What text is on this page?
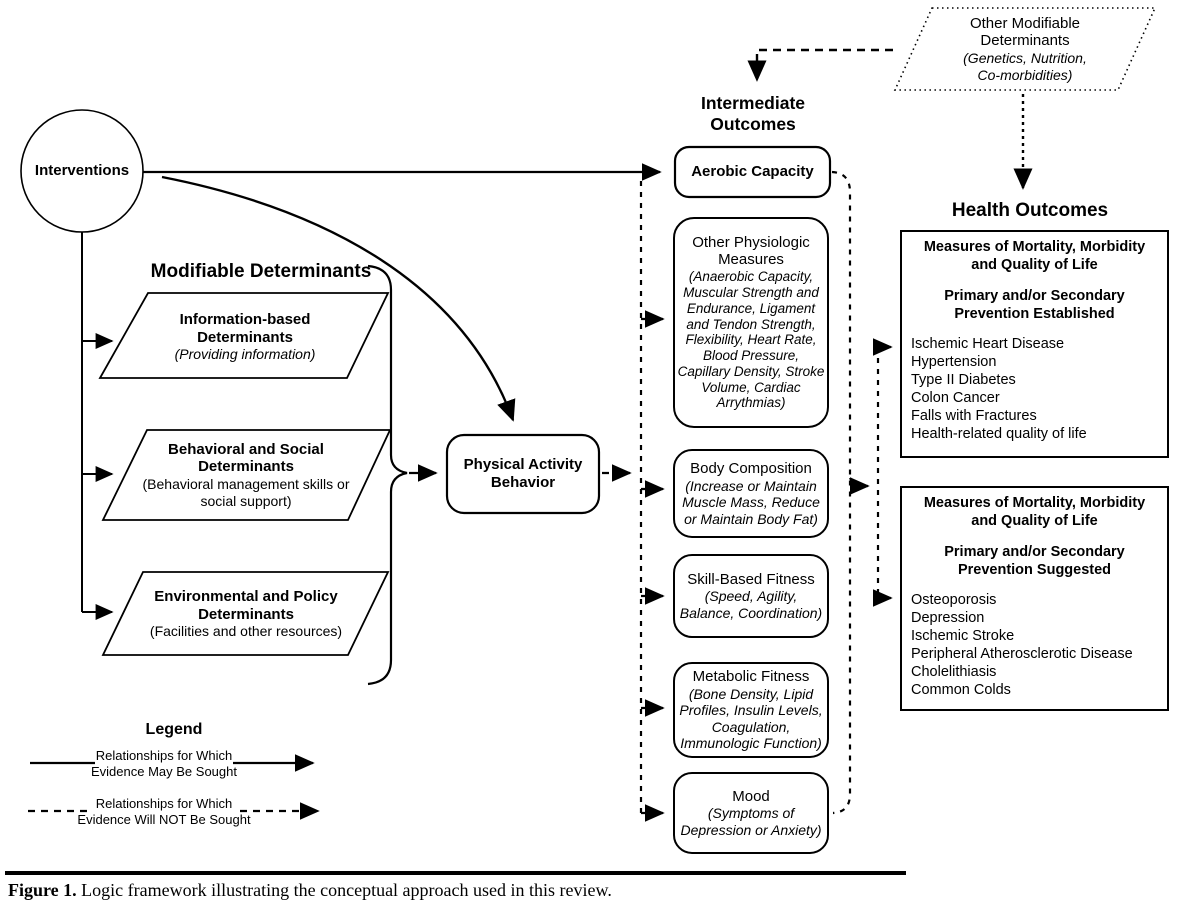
Interventions
Modifiable Determinants
Information-based Determinants
(Providing information)
Behavioral and Social Determinants
(Behavioral management skills or social support)
Environmental and Policy Determinants
(Facilities and other resources)
Physical Activity Behavior
Intermediate Outcomes
Aerobic Capacity
Other Physiologic Measures
(Anaerobic Capacity, Muscular Strength and Endurance, Ligament and Tendon Strength, Flexibility, Heart Rate, Blood Pressure, Capillary Density, Stroke Volume, Cardiac Arrythmias)
Body Composition
(Increase or Maintain Muscle Mass, Reduce or Maintain Body Fat)
Skill-Based Fitness
(Speed, Agility, Balance, Coordination)
Metabolic Fitness
(Bone Density, Lipid Profiles, Insulin Levels, Coagulation, Immunologic Function)
Mood
(Symptoms of Depression or Anxiety)
Other Modifiable Determinants
(Genetics, Nutrition, Co-morbidities)
Health Outcomes
Measures of Mortality, Morbidity and Quality of Life
Primary and/or Secondary Prevention Established
Ischemic Heart Disease
Hypertension
Type II Diabetes
Colon Cancer
Falls with Fractures
Health-related quality of life
Measures of Mortality, Morbidity and Quality of Life
Primary and/or Secondary Prevention Suggested
Osteoporosis
Depression
Ischemic Stroke
Peripheral Atherosclerotic Disease
Cholelithiasis
Common Colds
Legend
Relationships for Which Evidence May Be Sought
Relationships for Which Evidence Will NOT Be Sought
Figure 1. Logic framework illustrating the conceptual approach used in this review.
